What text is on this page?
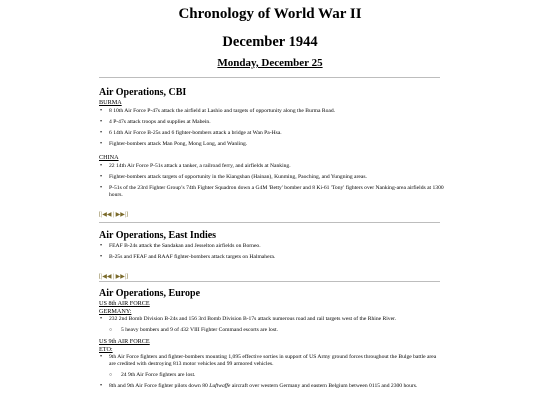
Chronology of World War II
December 1944
Monday, December 25

Air Operations, CBI

BURMA
• 8 10th Air Force P-47s attack the airfield at Lashio and targets of opportunity along the Burma Road.
• 4 P-47s attack troops and supplies at Mabein.
• 6 14th Air Force B-25s and 6 fighter-bombers attack a bridge at Wan Pa-Hsa.
• Fighter-bombers attack Man Pong, Mong Long, and Wanling.
CHINA
• 22 14th Air Force P-51s attack a tanker, a railroad ferry, and airfields at Nanking.
• Fighter-bombers attack targets of opportunity in the Kiangshan (Hainan), Kunming, Paoching, and Yungning areas.
• P-51s of the 23rd Fighter Group’s 74th Fighter Squadron down a G4M 'Betty' bomber and 8 Ki-61 'Tony' fighters over Nanking-area airfields at 1300 hours.
[|◀◀ | ▶▶|]

Air Operations, East Indies

• FEAF B-24s attack the Sandakan and Jesselton airfields on Borneo.
• B-25s and FEAF and RAAF fighter-bombers attack targets on Halmahera.
[|◀◀ | ▶▶|]

Air Operations, Europe

US 8th AIR FORCE
GERMANY:
• 232 2nd Bomb Division B-24s and 156 3rd Bomb Division B-17s attack numerous road and rail targets west of the Rhine River.
○ 5 heavy bombers and 9 of 432 VIII Fighter Command escorts are lost.
US 9th AIR FORCE
ETO:
• 9th Air Force fighters and fighter-bombers mounting 1,095 effective sorties in support of US Army ground forces throughout the Bulge battle area are credited with destroying 813 motor vehicles and 99 armored vehicles.
○ 24 9th Air Force fighters are lost.
• 8th and 9th Air Force fighter pilots down 80 Luftwaffe aircraft over western Germany and eastern Belgium between 0115 and 2300 hours.
